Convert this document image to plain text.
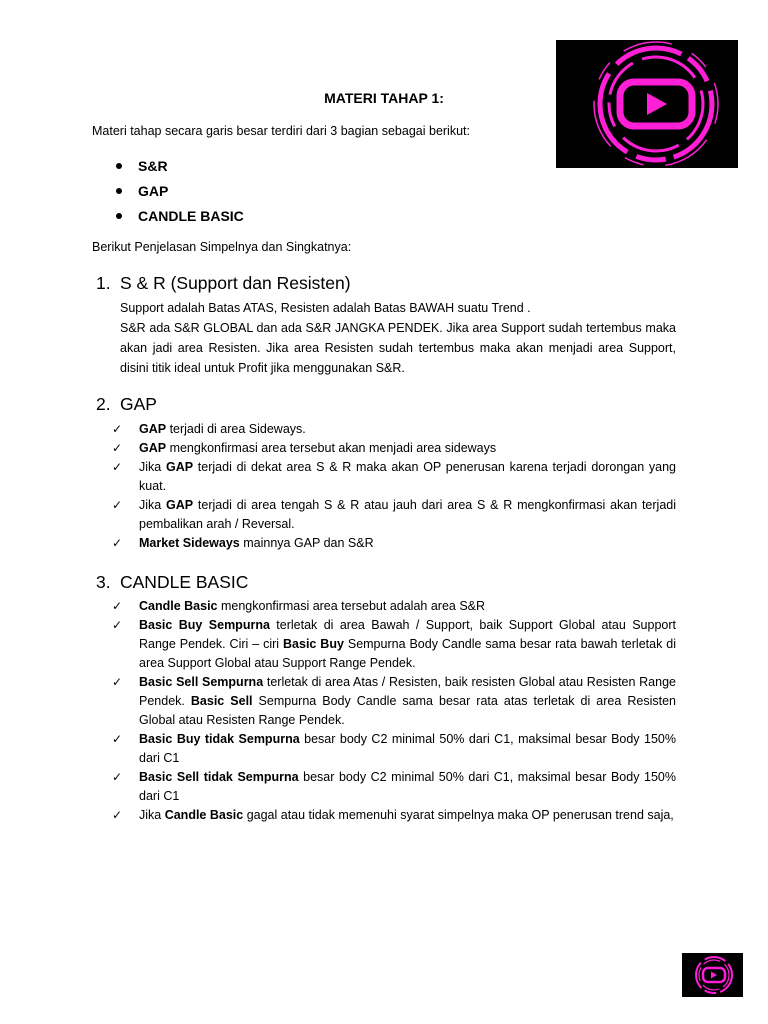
MATERI TAHAP 1:

Materi tahap secara garis besar terdiri dari 3 bagian sebagai berikut:

S&R
GAP
CANDLE BASIC

Berikut Penjelasan Simpelnya dan Singkatnya:

1. S & R (Support dan Resisten)

Support adalah Batas ATAS, Resisten adalah Batas BAWAH suatu Trend .

S&R ada S&R GLOBAL dan ada S&R JANGKA PENDEK. Jika area Support sudah tertembus maka akan jadi area Resisten. Jika area Resisten sudah tertembus maka akan menjadi area Support, disini titik ideal untuk Profit jika menggunakan S&R.

2. GAP
✓ GAP terjadi di area Sideways.
✓ GAP mengkonfirmasi area tersebut akan menjadi area sideways
✓ Jika GAP terjadi di dekat area S & R maka akan OP penerusan karena terjadi dorongan yang kuat.
✓ Jika GAP terjadi di area tengah S & R atau jauh dari area S & R mengkonfirmasi akan terjadi pembalikan arah / Reversal.
✓ Market Sideways mainnya GAP dan S&R
3. CANDLE BASIC
✓ Candle Basic mengkonfirmasi area tersebut adalah area S&R
✓ Basic Buy Sempurna terletak di area Bawah / Support, baik Support Global atau Support Range Pendek. Ciri – ciri Basic Buy Sempurna Body Candle sama besar rata bawah terletak di area Support Global atau Support Range Pendek.
✓ Basic Sell Sempurna terletak di area Atas / Resisten, baik resisten Global atau Resisten Range Pendek. Basic Sell Sempurna Body Candle sama besar rata atas terletak di area Resisten Global atau Resisten Range Pendek.
✓ Basic Buy tidak Sempurna besar body C2 minimal 50% dari C1, maksimal besar Body 150% dari C1
✓ Basic Sell tidak Sempurna besar body C2 minimal 50% dari C1, maksimal besar Body 150% dari C1
✓ Jika Candle Basic gagal atau tidak memenuhi syarat simpelnya maka OP penerusan trend saja,
